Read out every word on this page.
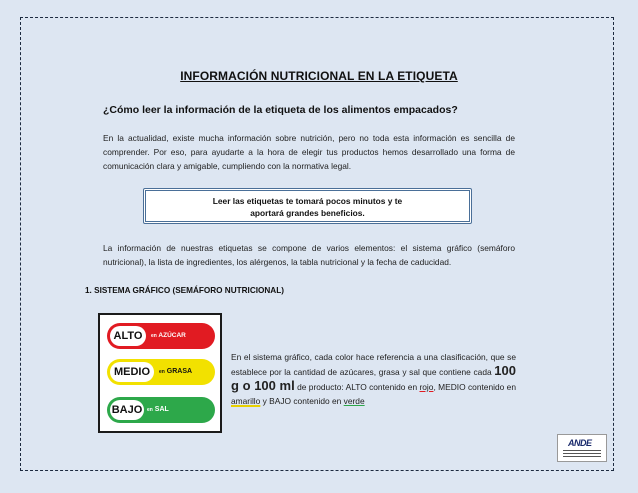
INFORMACIÓN NUTRICIONAL EN LA ETIQUETA
¿Cómo leer la información de la etiqueta de los alimentos empacados?
En la actualidad, existe mucha información sobre nutrición, pero no toda esta información es sencilla de comprender. Por eso, para ayudarte a la hora de elegir tus productos hemos desarrollado una forma de comunicación clara y amigable, cumpliendo con la normativa legal.
Leer las etiquetas te tomará pocos minutos y te
aportará grandes beneficios.
La información de nuestras etiquetas se compone de varios elementos: el sistema gráfico (semáforo nutricional), la lista de ingredientes, los alérgenos, la tabla nutricional y la fecha de caducidad.
1. SISTEMA GRÁFICO (SEMÁFORO NUTRICIONAL)
ALTO	en AZÚCAR
MEDIO	en GRASA
BAJO en SAL
En el sistema gráfico, cada color hace referencia a una clasificación, que se establece por la cantidad de azúcares, grasa y sal que contiene cada 100 g o 100 ml de producto: ALTO contenido en rojo, MEDIO contenido en amarillo y BAJO contenido en verde
ANDE
